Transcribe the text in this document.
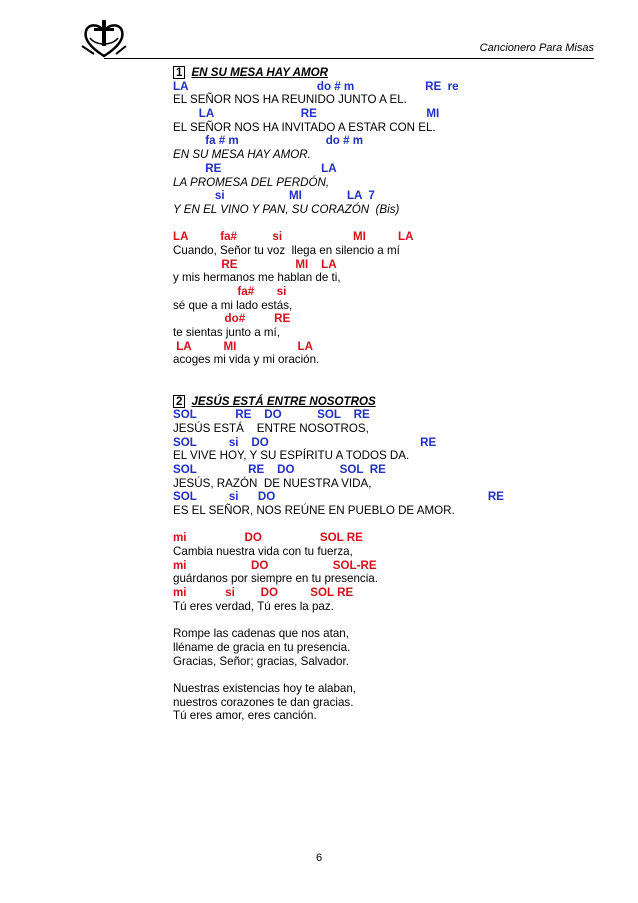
Cancionero Para Misas
1 EN SU MESA HAY AMOR
LA                                        do # m                      RE  re
EL SEÑOR NOS HA REUNIDO JUNTO A EL.
LA                           RE                                  MI
EL SEÑOR NOS HA INVITADO A ESTAR CON EL.
fa # m                           do # m
EN SU MESA HAY AMOR.
RE                               LA
LA PROMESA DEL PERDÓN,
si                    MI              LA  7
Y EN EL VINO Y PAN, SU CORAZÓN  (Bis)
LA          fa#           si                      MI          LA
Cuando, Señor tu voz  llega en silencio a mí
RE                  MI    LA
y mis hermanos me hablan de ti,
fa#       si
sé que a mi lado estás,
do#         RE
te sientas junto a mí,
LA          MI                   LA
acoges mi vida y mi oración.
2 JESÚS ESTÁ ENTRE NOSOTROS
SOL            RE    DO           SOL    RE
JESÚS ESTÁ    ENTRE NOSOTROS,
SOL          si    DO                                               RE
EL VIVE HOY, Y SU ESPÍRITU A TODOS DA.
SOL                RE    DO              SOL  RE
JESÚS, RAZÓN  DE NUESTRA VIDA,
SOL          si      DO                                                                  RE
ES EL SEÑOR, NOS REÚNE EN PUEBLO DE AMOR.
mi                  DO                  SOL RE
Cambia nuestra vida con tu fuerza,
mi                    DO                    SOL-RE
guárdanos por siempre en tu presencia.
mi            si        DO          SOL RE
Tú eres verdad, Tú eres la paz.
Rompe las cadenas que nos atan,
lléname de gracia en tu presencia.
Gracias, Señor; gracias, Salvador.
Nuestras existencias hoy te alaban,
nuestros corazones te dan gracias.
Tú eres amor, eres canción.
6
